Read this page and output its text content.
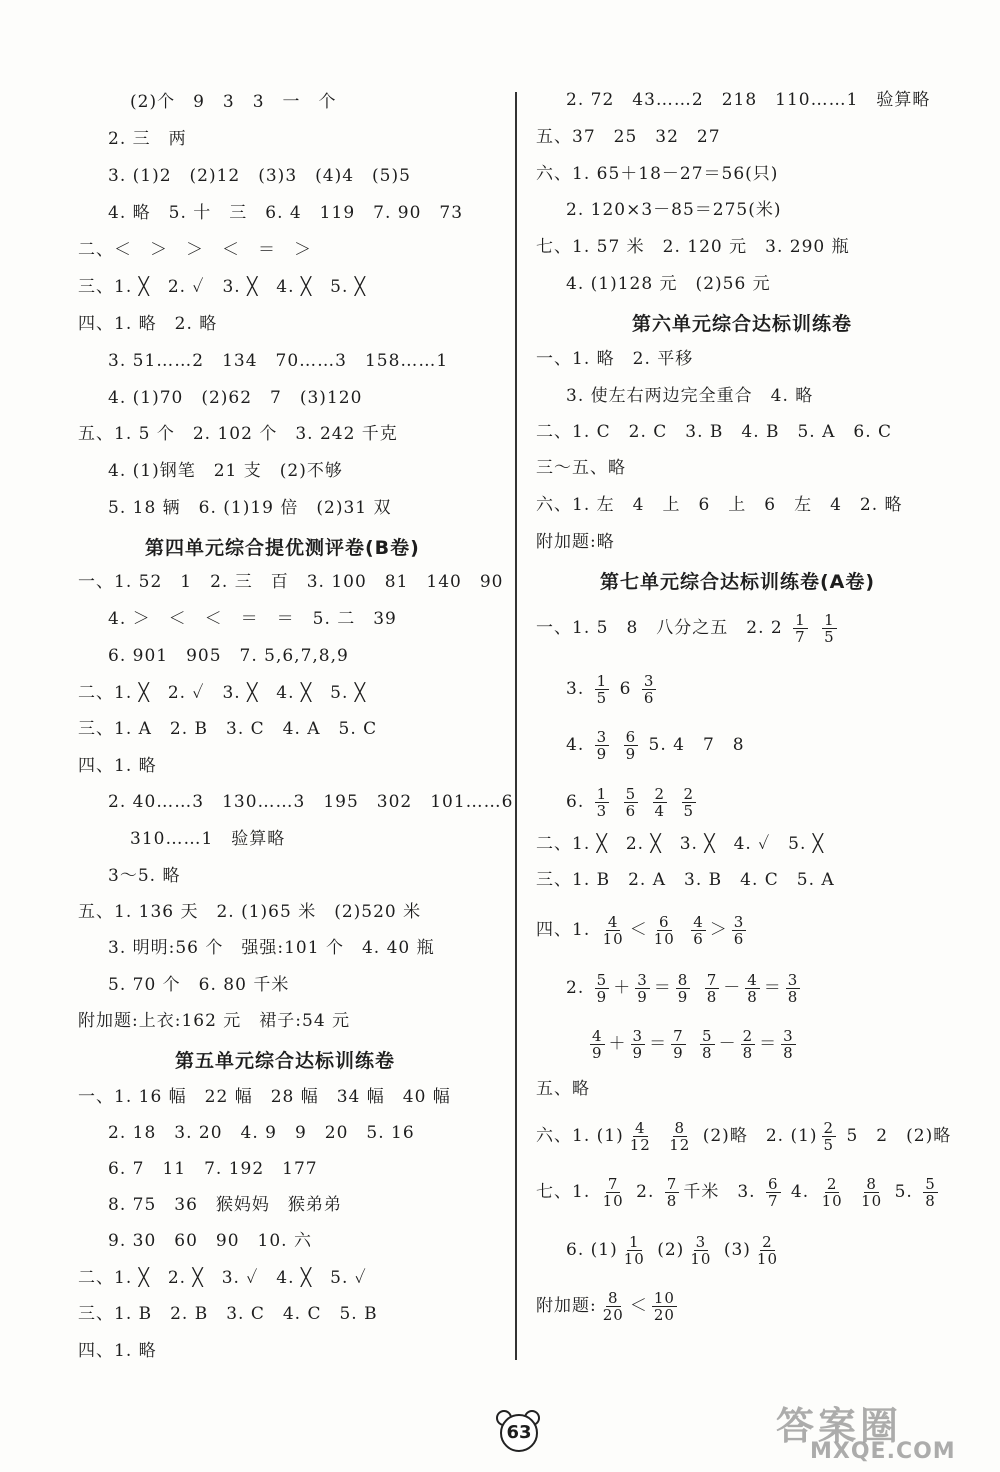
(2)个　9　3　3　一　个
2. 三　两
3. (1)2　(2)12　(3)3　(4)4　(5)5
4. 略　5. 十　三　6. 4　119　7. 90　73
二、＜　＞　＞　＜　＝　＞
三、1. ╳　2. ✓　3. ╳　4. ╳　5. ╳
四、1. 略　2. 略
3. 51……2　134　70……3　158……1
4. (1)70　(2)62　7　(3)120
五、1. 5 个　2. 102 个　3. 242 千克
4. (1)钢笔　21 支　(2)不够
5. 18 辆　6. (1)19 倍　(2)31 双
第四单元综合提优测评卷(B卷)
一、1. 52　1　2. 三　百　3. 100　81　140　90
4. ＞　＜　＜　＝　＝　5. 二　39
6. 901　905　7. 5,6,7,8,9
二、1. ╳　2. ✓　3. ╳　4. ╳　5. ╳
三、1. A　2. B　3. C　4. A　5. C
四、1. 略
2. 40……3　130……3　195　302　101……6
310……1　验算略
3～5. 略
五、1. 136 天　2. (1)65 米　(2)520 米
3. 明明:56 个　强强:101 个　4. 40 瓶
5. 70 个　6. 80 千米
附加题:上衣:162 元　裙子:54 元
第五单元综合达标训练卷
一、1. 16 幅　22 幅　28 幅　34 幅　40 幅
2. 18　3. 20　4. 9　9　20　5. 16
6. 7　11　7. 192　177
8. 75　36　猴妈妈　猴弟弟
9. 30　60　90　10. 六
二、1. ╳　2. ╳　3. ✓　4. ╳　5. ✓
三、1. B　2. B　3. C　4. C　5. B
四、1. 略
2. 72　43……2　218　110……1　验算略
五、37　25　32　27
六、1. 65＋18－27＝56(只)
2. 120×3－85＝275(米)
七、1. 57 米　2. 120 元　3. 290 瓶
4. (1)128 元　(2)56 元
第六单元综合达标训练卷
一、1. 略　2. 平移
3. 使左右两边完全重合　4. 略
二、1. C　2. C　3. B　4. B　5. A　6. C
三～五、略
六、1. 左　4　上　6　上　6　左　4　2. 略
附加题:略
第七单元综合达标训练卷(A卷)
一、1. 5　8　八分之五　 2. $2 \frac{1}{7}$
$\frac{1}{5}$
3. $\frac{1}{5} 6 \frac{3}{6}$
4. $\frac{3}{9}$
$\frac{6}{9} 5$. 4　7　8
6. $\frac{1}{3}$
$\frac{5}{6}$
$\frac{2}{4}$
$\frac{2}{5}$
二、1. ╳　2. ╳　3. ╳　4. ✓　5. ╳
三、1. B　2. A　3. B　4. C　5. A
四、1. $\frac{4}{10} < \frac{6}{10}$
$\frac{4}{6} > \frac{3}{6}$
2. $\frac{5}{9} + \frac{3}{9} = \frac{8}{9}$
$\frac{7}{8} - \frac{4}{8} = \frac{3}{8}$
$\frac{4}{9} + \frac{3}{9} = \frac{7}{9}$
$\frac{5}{8} - \frac{2}{8} = \frac{3}{8}$
五、略
六、1. $(1) \frac{4}{12}$
$\frac{8}{12} (2)$略　2. $(1) \frac{2}{5} 5$　2　(2)略
七、1. $\frac{7}{10} 2$. $\frac{7}{8}$ 千米　3. $\frac{6}{7} 4$. $\frac{2}{10}$
$\frac{8}{10} 5$. $\frac{5}{8}$
6. $(1) \frac{1}{10} (2) \frac{3}{10} (3) \frac{2}{10}$
附加题: $\frac{8}{20} < \frac{10}{20}$
63	答案圈
MXQE.COM
